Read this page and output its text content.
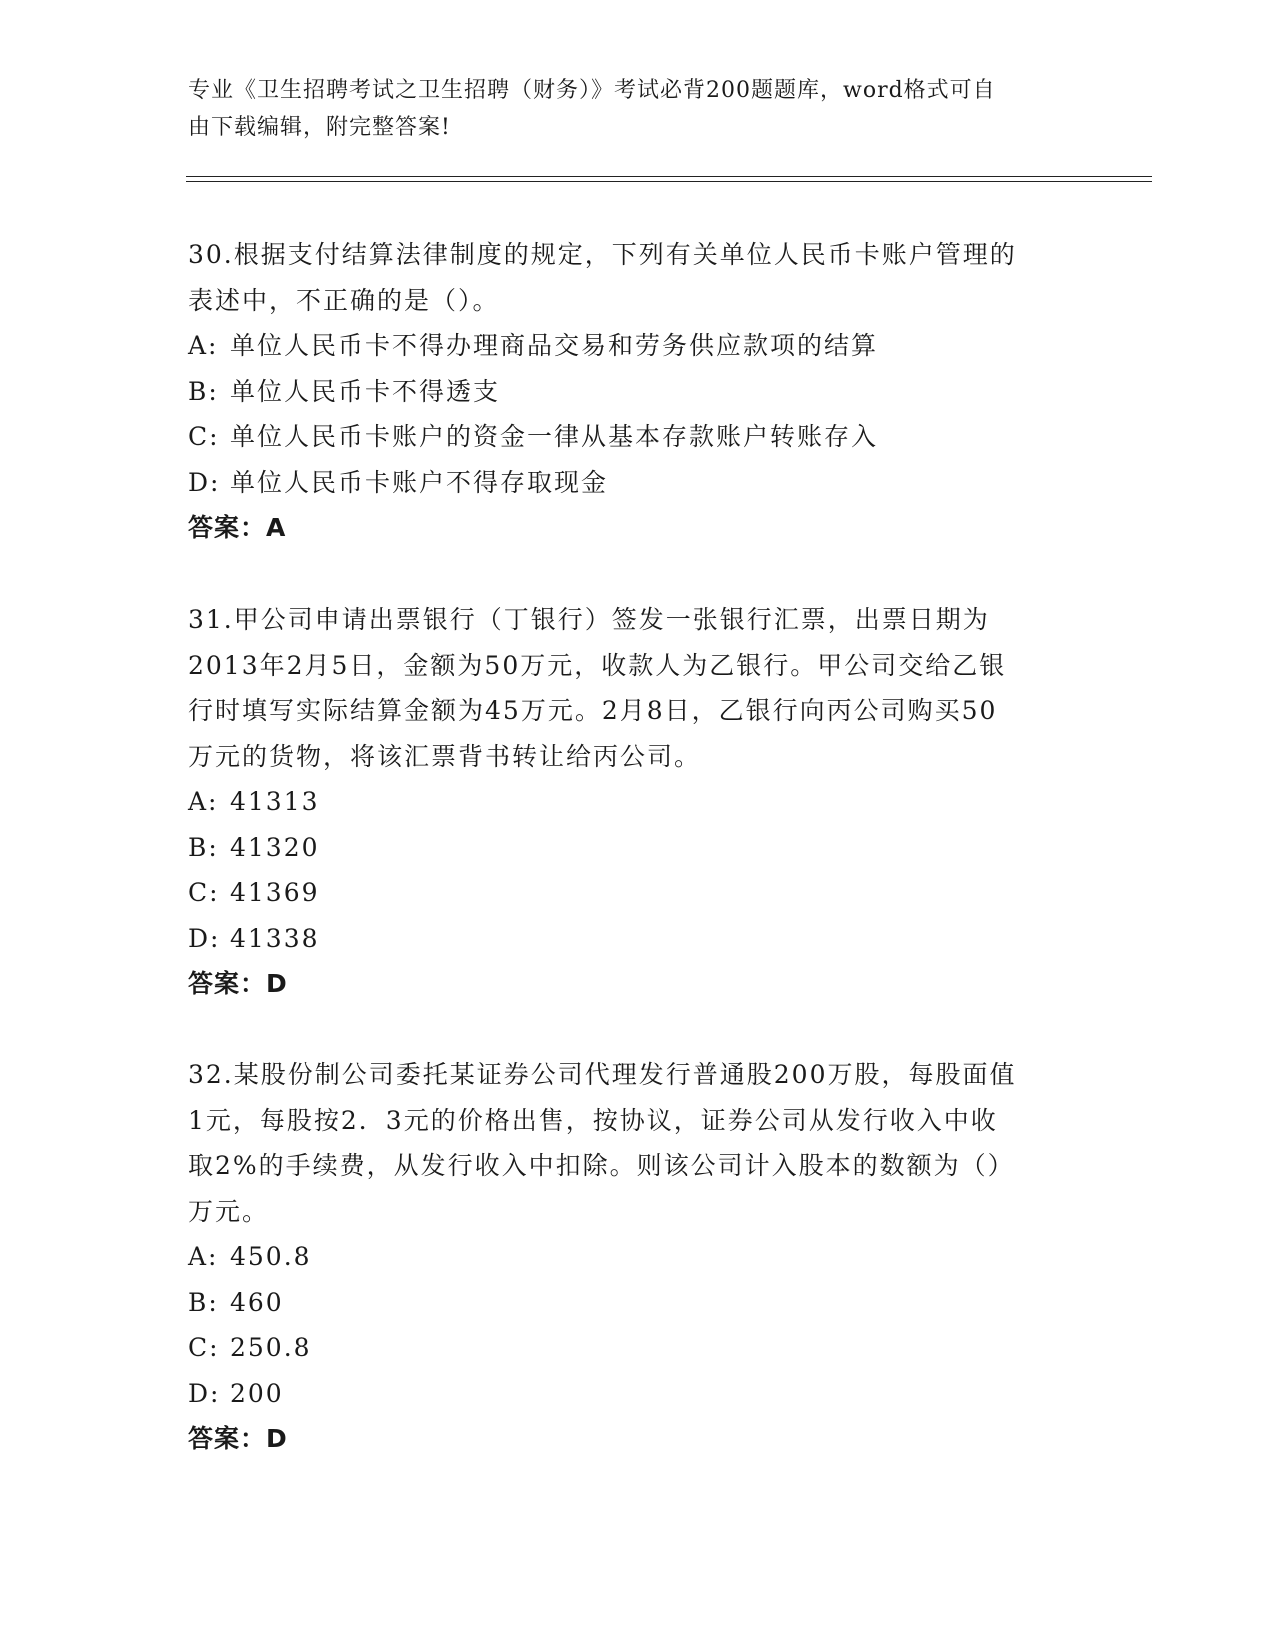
专业《卫生招聘考试之卫生招聘（财务）》考试必背200题题库，word格式可自
由下载编辑，附完整答案!
30.根据支付结算法律制度的规定，下列有关单位人民币卡账户管理的
表述中，不正确的是（）。
A: 单位人民币卡不得办理商品交易和劳务供应款项的结算
B: 单位人民币卡不得透支
C: 单位人民币卡账户的资金一律从基本存款账户转账存入
D: 单位人民币卡账户不得存取现金
答案：A
31.甲公司申请出票银行（丁银行）签发一张银行汇票，出票日期为
2013年2月5日，金额为50万元，收款人为乙银行。甲公司交给乙银
行时填写实际结算金额为45万元。2月8日，乙银行向丙公司购买50
万元的货物，将该汇票背书转让给丙公司。
A: 41313
B: 41320
C: 41369
D: 41338
答案：D
32.某股份制公司委托某证券公司代理发行普通股200万股，每股面值
1元，每股按2．3元的价格出售，按协议，证券公司从发行收入中收
取2%的手续费，从发行收入中扣除。则该公司计入股本的数额为（）
万元。
A: 450.8
B: 460
C: 250.8
D: 200
答案：D
